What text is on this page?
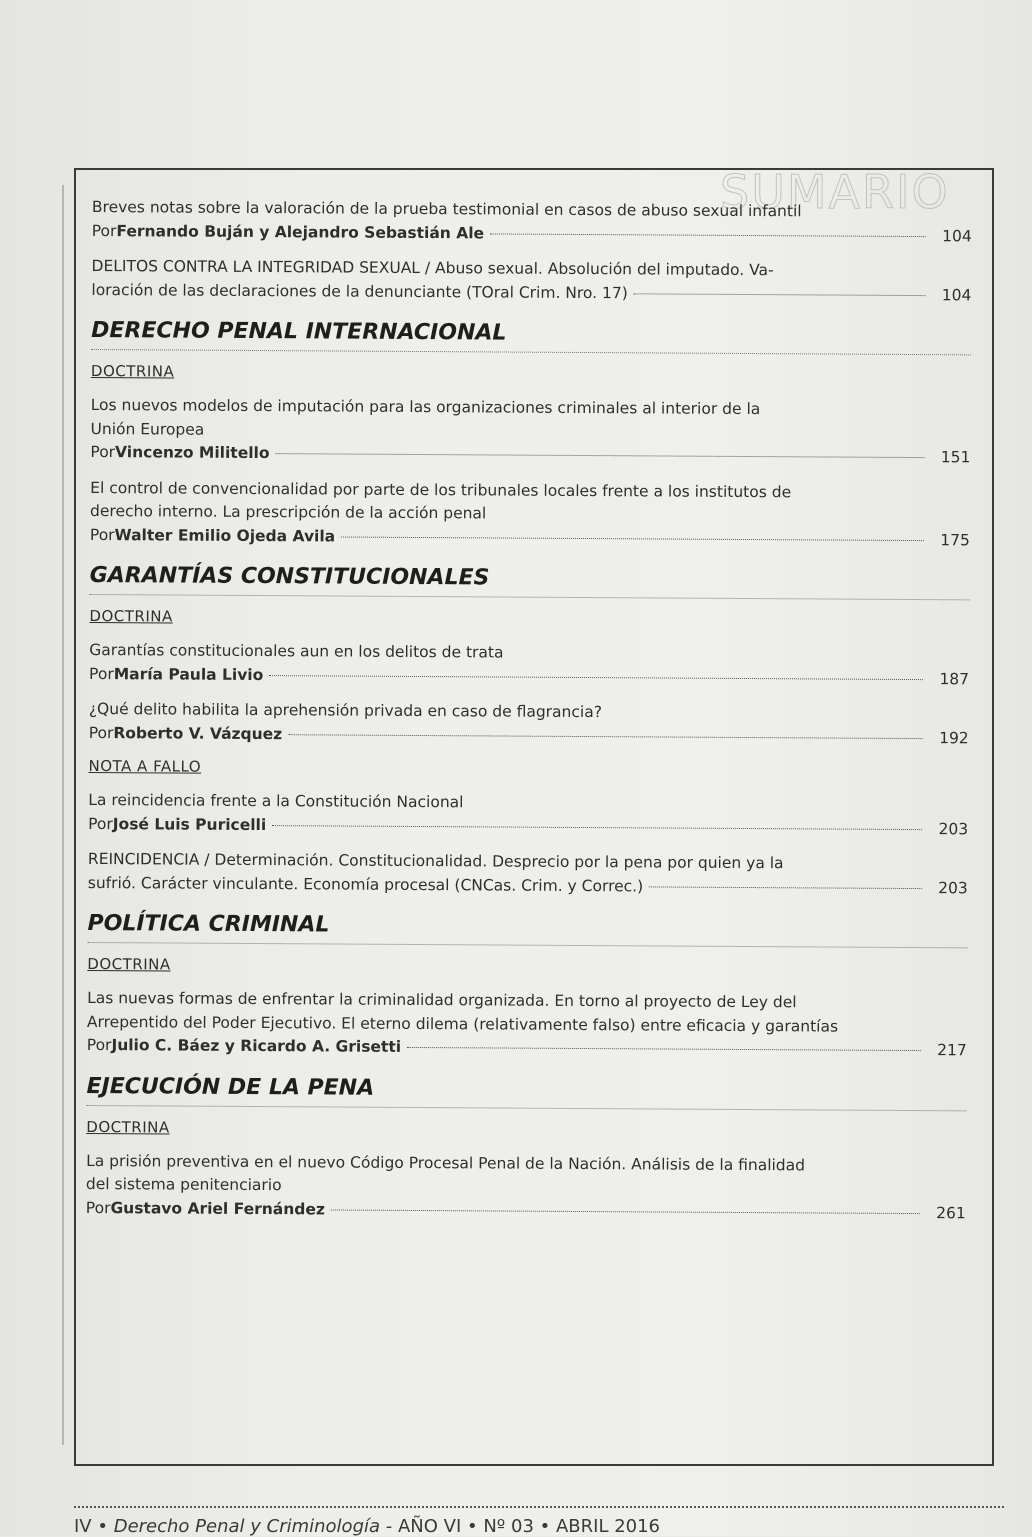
SUMARIO
Breves notas sobre la valoración de la prueba testimonial en casos de abuso sexual infantil
Por Fernando Buján y Alejandro Sebastián Ale	104
DELITOS CONTRA LA INTEGRIDAD SEXUAL / Abuso sexual. Absolución del imputado. Va-
loración de las declaraciones de la denunciante (TOral Crim. Nro. 17)	104
DERECHO PENAL INTERNACIONAL
DOCTRINA
Los nuevos modelos de imputación para las organizaciones criminales al interior de la
Unión Europea
Por Vincenzo Militello	151
El control de convencionalidad por parte de los tribunales locales frente a los institutos de
derecho interno. La prescripción de la acción penal
Por Walter Emilio Ojeda Avila	175
GARANTÍAS CONSTITUCIONALES
DOCTRINA
Garantías constitucionales aun en los delitos de trata
Por María Paula Livio	187
¿Qué delito habilita la aprehensión privada en caso de flagrancia?
Por Roberto V. Vázquez	192
NOTA A FALLO
La reincidencia frente a la Constitución Nacional
Por José Luis Puricelli	203
REINCIDENCIA / Determinación. Constitucionalidad. Desprecio por la pena por quien ya la
sufrió. Carácter vinculante. Economía procesal (CNCas. Crim. y Correc.)	203
POLÍTICA CRIMINAL
DOCTRINA
Las nuevas formas de enfrentar la criminalidad organizada. En torno al proyecto de Ley del
Arrepentido del Poder Ejecutivo. El eterno dilema (relativamente falso) entre eficacia y garantías
Por Julio C. Báez y Ricardo A. Grisetti	217
EJECUCIÓN DE LA PENA
DOCTRINA
La prisión preventiva en el nuevo Código Procesal Penal de la Nación. Análisis de la finalidad
del sistema penitenciario
Por Gustavo Ariel Fernández	261
IV • Derecho Penal y Criminología - AÑO VI • Nº 03 • ABRIL 2016
